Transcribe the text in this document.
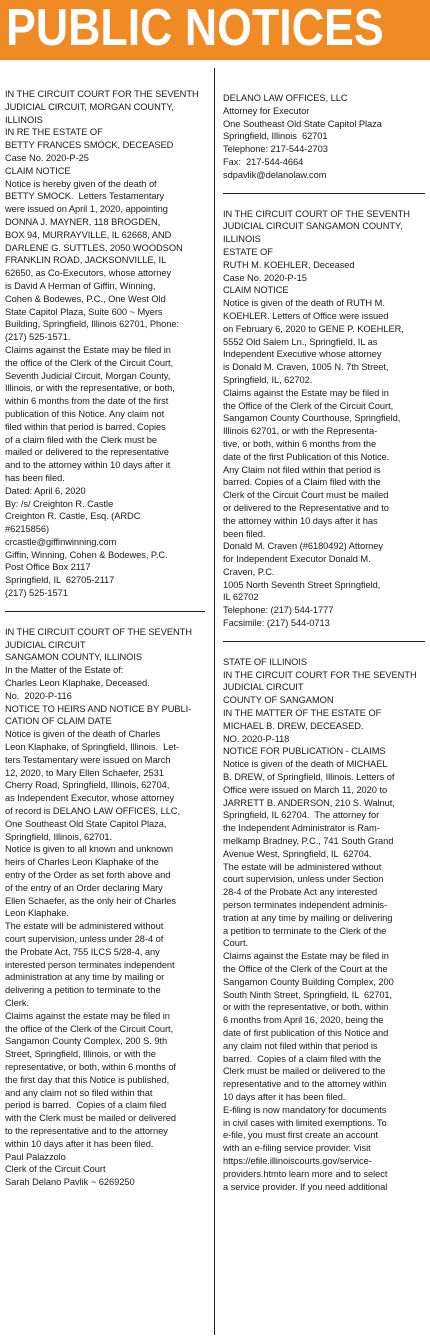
PUBLIC NOTICES
IN THE CIRCUIT COURT FOR THE SEVENTH
JUDICIAL CIRCUIT, MORGAN COUNTY,
ILLINOIS
IN RE THE ESTATE OF
BETTY FRANCES SMOCK, DECEASED
Case No. 2020-P-25
CLAIM NOTICE
Notice is hereby given of the death of
BETTY SMOCK.  Letters Testamentary
were issued on April 1, 2020, appointing
DONNA J. MAYNER, 118 BROGDEN,
BOX 94, MURRAYVILLE, IL 62668, AND
DARLENE G. SUTTLES, 2050 WOODSON
FRANKLIN ROAD, JACKSONVILLE, IL
62650, as Co-Executors, whose attorney
is David A Herman of Giffin, Winning,
Cohen & Bodewes, P.C., One West Old
State Capitol Plaza, Suite 600 ~ Myers
Building, Springfield, Illinois 62701, Phone:
(217) 525-1571.
Claims against the Estate may be filed in
the office of the Clerk of the Circuit Court,
Seventh Judicial Circuit, Morgan County,
Illinois, or with the representative, or both,
within 6 months from the date of the first
publication of this Notice. Any claim not
filed within that period is barred. Copies
of a claim filed with the Clerk must be
mailed or delivered to the representative
and to the attorney within 10 days after it
has been filed.
Dated: April 6, 2020
By: /s/ Creighton R. Castle
Creighton R. Castle, Esq. (ARDC
#6215856)
crcastle@giffinwinning.com
Giffin, Winning, Cohen & Bodewes, P.C.
Post Office Box 2117
Springfield, IL  62705-2117
(217) 525-1571
IN THE CIRCUIT COURT OF THE SEVENTH
JUDICIAL CIRCUIT
SANGAMON COUNTY, ILLINOIS
In the Matter of the Estate of:
Charles Leon Klaphake, Deceased.
No.  2020-P-116
NOTICE TO HEIRS AND NOTICE BY PUBLI-
CATION OF CLAIM DATE
Notice is given of the death of Charles
Leon Klaphake, of Springfield, Illinois.  Let-
ters Testamentary were issued on March
12, 2020, to Mary Ellen Schaefer, 2531
Cherry Road, Springfield, Illinois, 62704,
as Independent Executor, whose attorney
of record is DELANO LAW OFFICES, LLC,
One Southeast Old State Capitol Plaza,
Springfield, Illinois, 62701.
Notice is given to all known and unknown
heirs of Charles Leon Klaphake of the
entry of the Order as set forth above and
of the entry of an Order declaring Mary
Ellen Schaefer, as the only heir of Charles
Leon Klaphake.
The estate will be administered without
court supervision, unless under 28-4 of
the Probate Act, 755 ILCS 5/28-4, any
interested person terminates independent
administration at any time by mailing or
delivering a petition to terminate to the
Clerk.
Claims against the estate may be filed in
the office of the Clerk of the Circuit Court,
Sangamon County Complex, 200 S. 9th
Street, Springfield, Illinois, or with the
representative, or both, within 6 months of
the first day that this Notice is published,
and any claim not so filed within that
period is barred.  Copies of a claim filed
with the Clerk must be mailed or delivered
to the representative and to the attorney
within 10 days after it has been filed.
Paul Palazzolo
Clerk of the Circuit Court
Sarah Delano Pavlik ~ 6269250
DELANO LAW OFFICES, LLC
Attorney for Executor
One Southeast Old State Capitol Plaza
Springfield, Illinois  62701
Telephone: 217-544-2703
Fax:  217-544-4664
sdpavlik@delanolaw.com
IN THE CIRCUIT COURT OF THE SEVENTH
JUDICIAL CIRCUIT SANGAMON COUNTY,
ILLINOIS
ESTATE OF
RUTH M. KOEHLER, Deceased
Case No. 2020-P-15
CLAIM NOTICE
Notice is given of the death of RUTH M.
KOEHLER. Letters of Office were issued
on February 6, 2020 to GENE P. KOEHLER,
5552 Old Salem Ln., Springfield, IL as
Independent Executive whose attorney
is Donald M. Craven, 1005 N. 7th Street,
Springfield, IL, 62702.
Claims against the Estate may be filed in
the Office of the Clerk of the Circuit Court,
Sangamon County Courthouse, Springfield,
Illinois 62701, or with the Representa-
tive, or both, within 6 months from the
date of the first Publication of this Notice.
Any Claim not filed within that period is
barred. Copies of a Claim filed with the
Clerk of the Circuit Court must be mailed
or delivered to the Representative and to
the attorney within 10 days after it has
been filed.
Donald M. Craven (#6180492) Attorney
for Independent Executor Donald M.
Craven, P.C.
1005 North Seventh Street Springfield,
IL 62702
Telephone: (217) 544-1777
Facsimile: (217) 544-0713
STATE OF ILLINOIS
IN THE CIRCUIT COURT FOR THE SEVENTH
JUDICIAL CIRCUIT
COUNTY OF SANGAMON
IN THE MATTER OF THE ESTATE OF
MICHAEL B. DREW, DECEASED.
NO. 2020-P-118
NOTICE FOR PUBLICATION - CLAIMS
Notice is given of the death of MICHAEL
B. DREW, of Springfield, Illinois. Letters of
Office were issued on March 11, 2020 to
JARRETT B. ANDERSON, 210 S. Walnut,
Springfield, IL 62704.  The attorney for
the Independent Administrator is Ram-
melkamp Bradney, P.C., 741 South Grand
Avenue West, Springfield, IL  62704.
The estate will be administered without
court supervision, unless under Section
28-4 of the Probate Act any interested
person terminates independent adminis-
tration at any time by mailing or delivering
a petition to terminate to the Clerk of the
Court.
Claims against the Estate may be filed in
the Office of the Clerk of the Court at the
Sangamon County Building Complex, 200
South Ninth Street, Springfield, IL  62701,
or with the representative, or both, within
6 months from April 16, 2020, being the
date of first publication of this Notice and
any claim not filed within that period is
barred.  Copies of a claim filed with the
Clerk must be mailed or delivered to the
representative and to the attorney within
10 days after it has been filed.
E-filing is now mandatory for documents
in civil cases with limited exemptions. To
e-file, you must first create an account
with an e-filing service provider. Visit
https://efile.illinoiscourts.gov/service-
providers.htmto learn more and to select
a service provider. If you need additional
